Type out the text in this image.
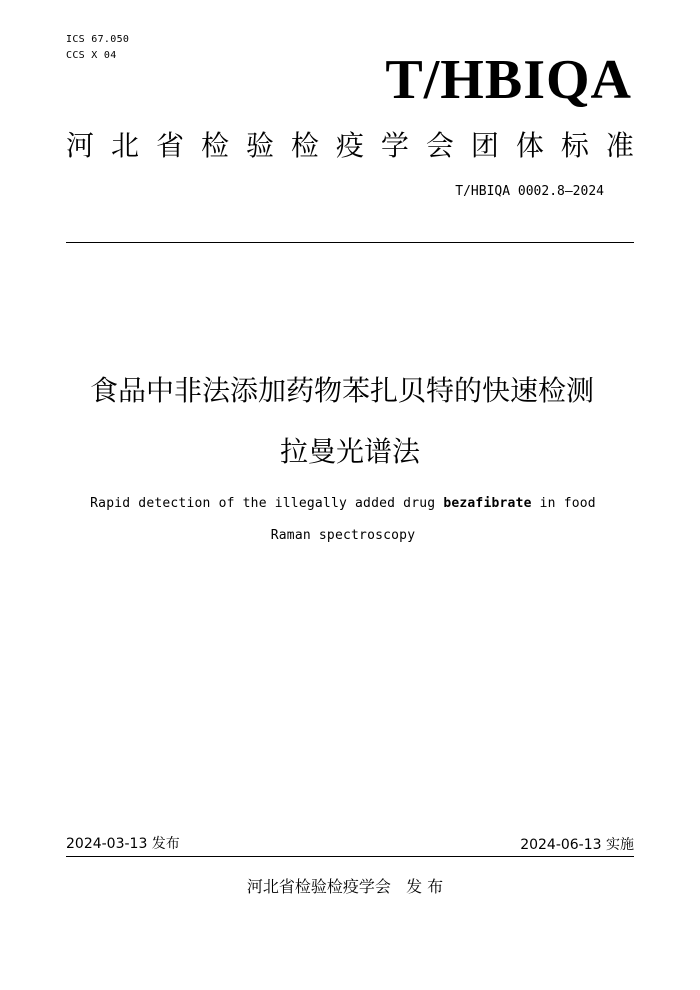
ICS 67.050
CCS X 04	T/HBIQA
河 北 省 检 验 检 疫 学 会 团 体 标 准
T/HBIQA 0002.8—2024
食品中非法添加药物苯扎贝特的快速检测
拉曼光谱法
Rapid detection of the illegally added drug bezafibrate in food
Raman spectroscopy
2024-03-13 发布	2024-06-13 实施
河北省检验检疫学会   发 布
